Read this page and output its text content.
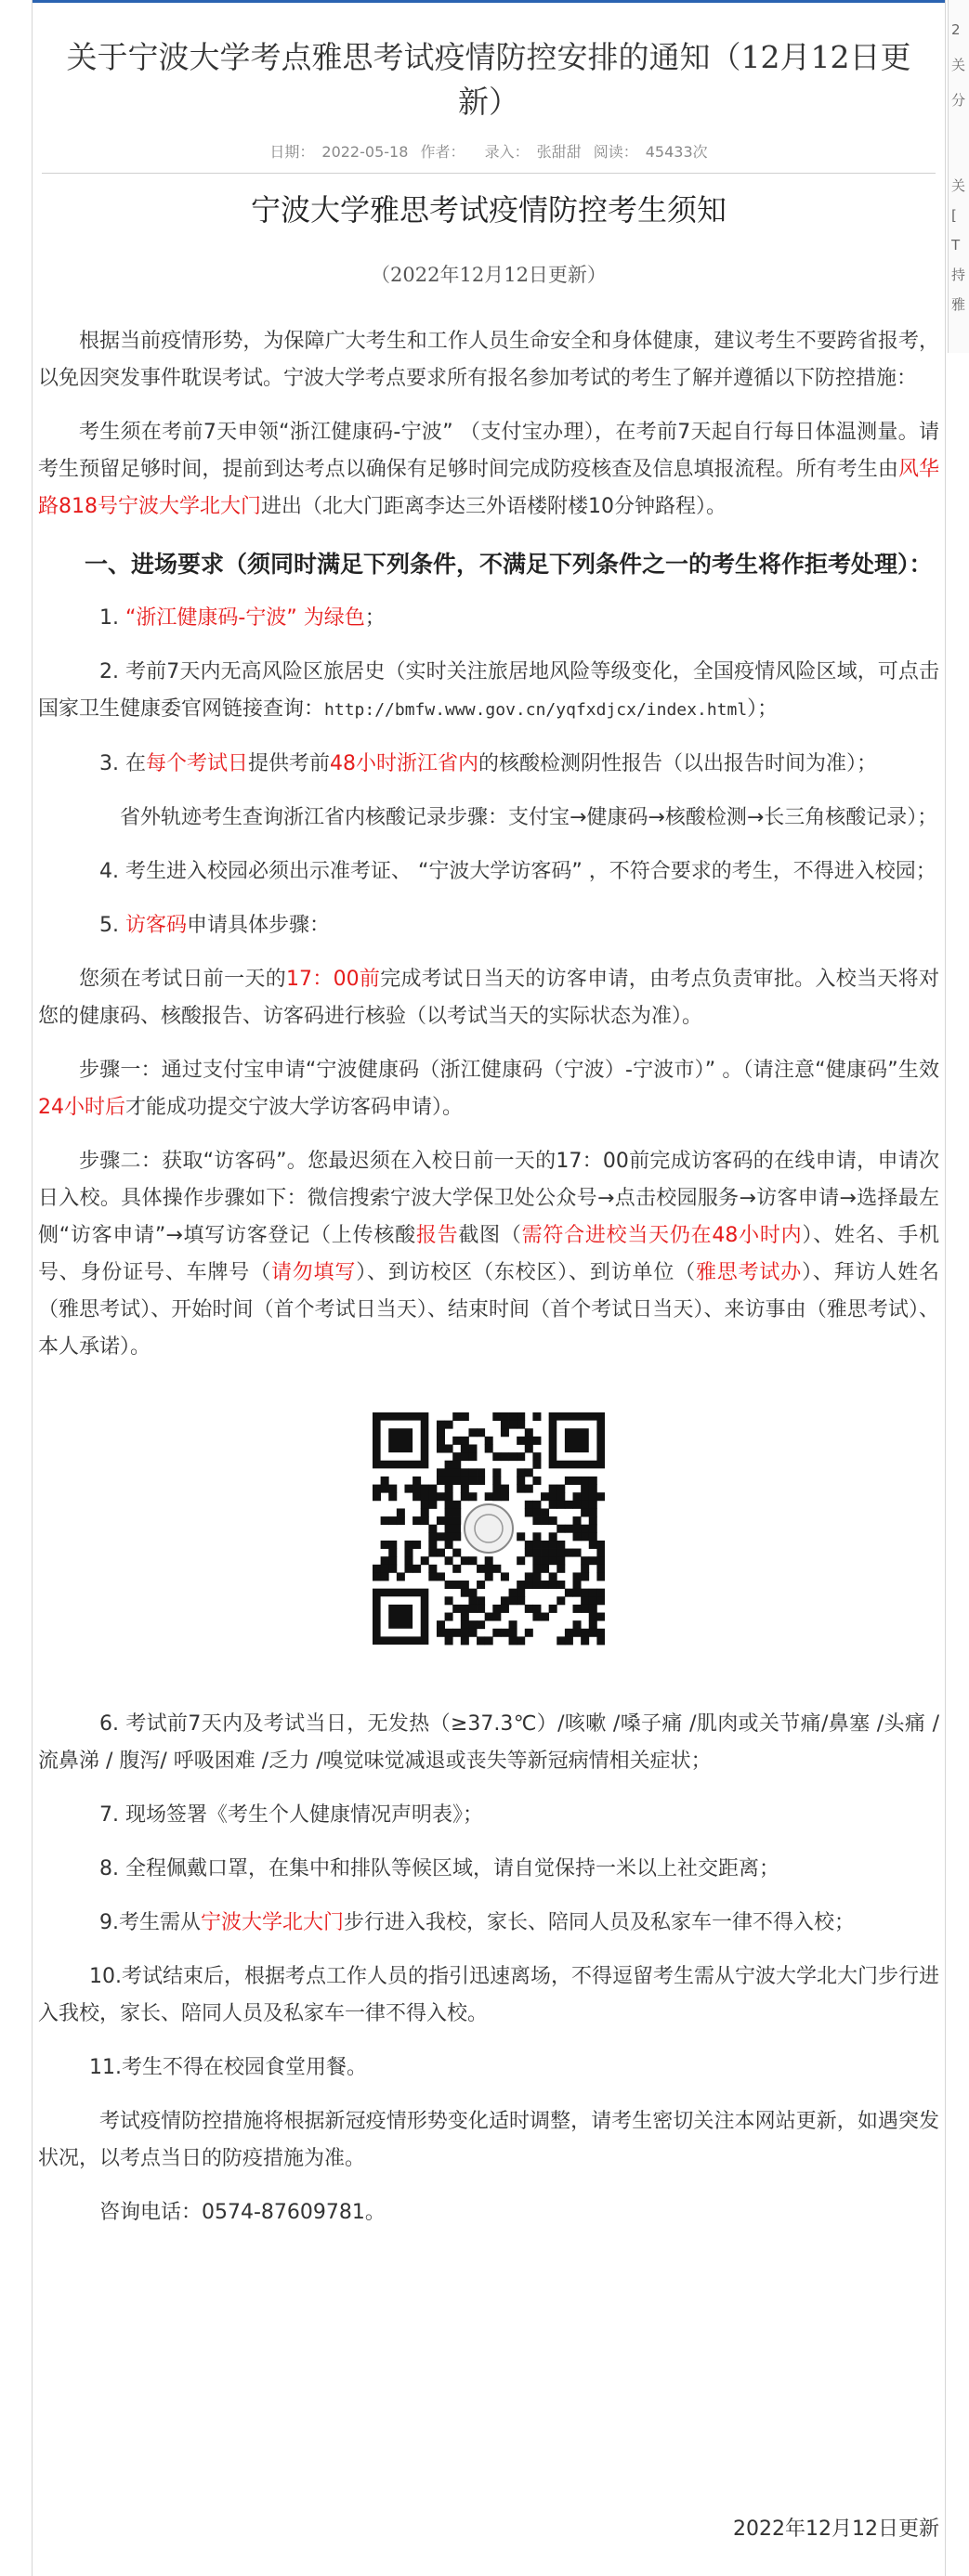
关于宁波大学考点雅思考试疫情防控安排的通知（12月12日更新）
日期： 2022-05-18 作者： 录入： 张甜甜 阅读： 45433次
宁波大学雅思考试疫情防控考生须知
（2022年12月12日更新）

根据当前疫情形势，为保障广大考生和工作人员生命安全和身体健康，建议考生不要跨省报考，以免因突发事件耽误考试。宁波大学考点要求所有报名参加考试的考生了解并遵循以下防控措施：

考生须在考前7天申领“浙江健康码-宁波” （支付宝办理），在考前7天起自行每日体温测量。请考生预留足够时间，提前到达考点以确保有足够时间完成防疫核查及信息填报流程。所有考生由风华路818号宁波大学北大门进出（北大门距离李达三外语楼附楼10分钟路程）。

一、进场要求（须同时满足下列条件，不满足下列条件之一的考生将作拒考处理）：

1. “浙江健康码-宁波” 为绿色；

2. 考前7天内无高风险区旅居史（实时关注旅居地风险等级变化，全国疫情风险区域，可点击国家卫生健康委官网链接查询：http://bmfw.www.gov.cn/yqfxdjcx/index.html）；

3. 在每个考试日提供考前48小时浙江省内的核酸检测阴性报告（以出报告时间为准）；

省外轨迹考生查询浙江省内核酸记录步骤：支付宝→健康码→核酸检测→长三角核酸记录）；

4. 考生进入校园必须出示准考证、 “宁波大学访客码” ，不符合要求的考生，不得进入校园；

5. 访客码申请具体步骤：

您须在考试日前一天的17：00前完成考试日当天的访客申请，由考点负责审批。入校当天将对您的健康码、核酸报告、访客码进行核验（以考试当天的实际状态为准）。

步骤一：通过支付宝申请“宁波健康码（浙江健康码（宁波）-宁波市）” 。（请注意“健康码”生效24小时后才能成功提交宁波大学访客码申请）。

步骤二：获取“访客码”。您最迟须在入校日前一天的17：00前完成访客码的在线申请，申请次日入校。具体操作步骤如下：微信搜索宁波大学保卫处公众号→点击校园服务→访客申请→选择最左侧“访客申请”→填写访客登记（上传核酸报告截图（需符合进校当天仍在48小时内）、姓名、手机号、身份证号、车牌号（请勿填写）、到访校区（东校区）、到访单位（雅思考试办）、拜访人姓名（雅思考试）、开始时间（首个考试日当天）、结束时间（首个考试日当天）、来访事由（雅思考试）、本人承诺）。

6. 考试前7天内及考试当日，无发热（≥37.3℃）/咳嗽 /嗓子痛 /肌肉或关节痛/鼻塞 /头痛 /流鼻涕 / 腹泻/ 呼吸困难 /乏力 /嗅觉味觉减退或丧失等新冠病情相关症状；

7. 现场签署《考生个人健康情况声明表》；

8. 全程佩戴口罩，在集中和排队等候区域，请自觉保持一米以上社交距离；

9.考生需从宁波大学北大门步行进入我校，家长、陪同人员及私家车一律不得入校；

10.考试结束后，根据考点工作人员的指引迅速离场，不得逗留考生需从宁波大学北大门步行进入我校，家长、陪同人员及私家车一律不得入校。

11.考生不得在校园食堂用餐。

考试疫情防控措施将根据新冠疫情形势变化适时调整，请考生密切关注本网站更新，如遇突发状况，以考点当日的防疫措施为准。

咨询电话：0574-87609781。

2022年12月12日更新
2
关
分
关
[
T
持
雅
